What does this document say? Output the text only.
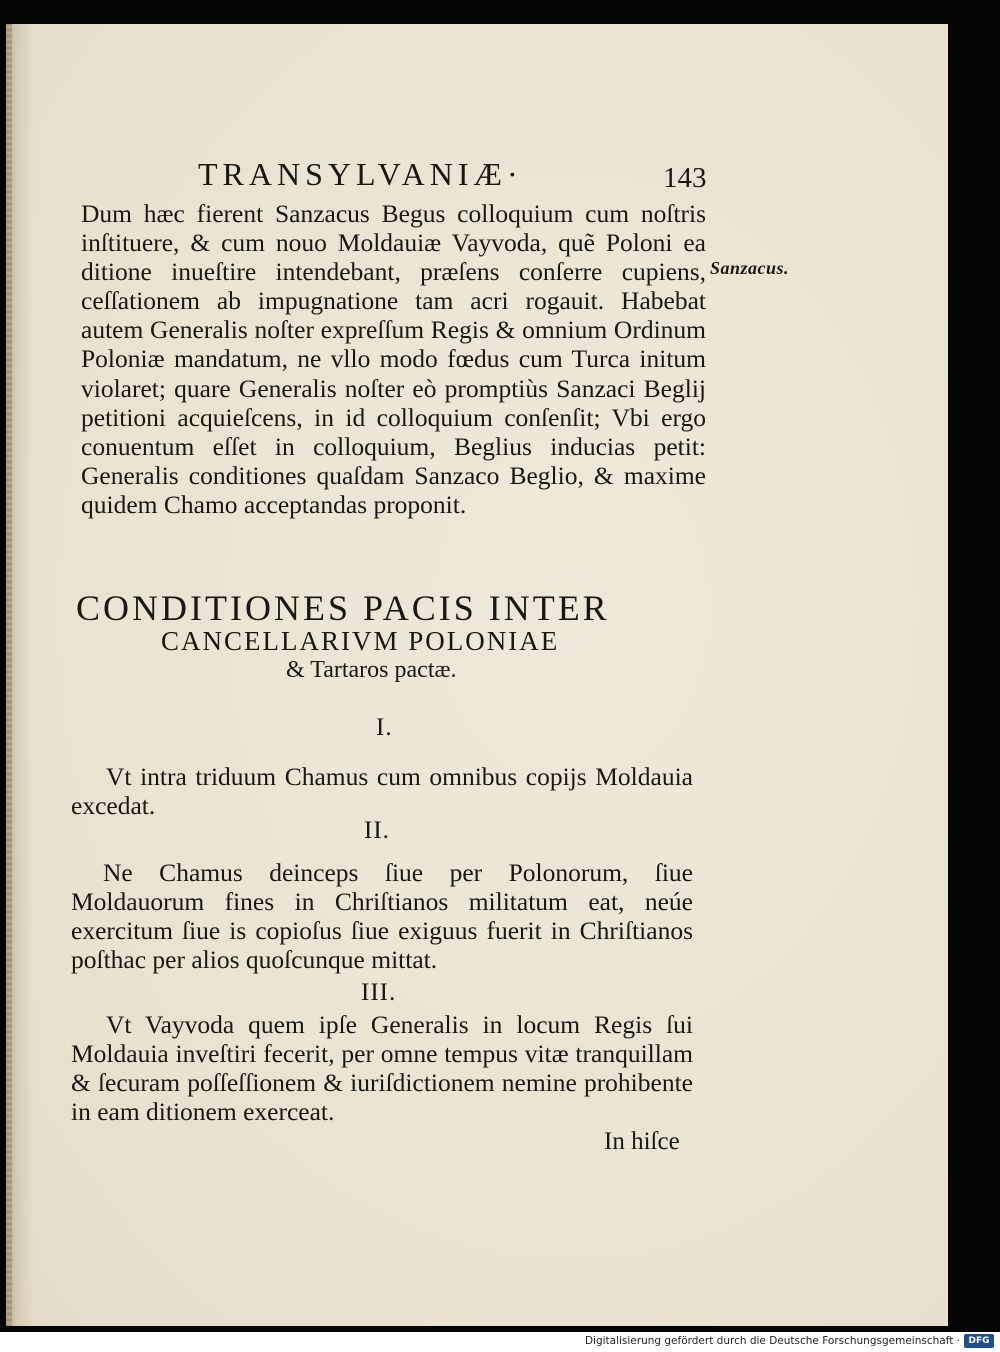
TRANSYLVANIÆ·	143

Dum hæc fierent Sanzacus Begus colloquium cum noſtris inſtituere, & cum nouo Moldauiæ Vayvoda, quẽ Poloni ea ditione inueſtire intendebant, præſens conſerre cupiens, ceſſationem ab impugnatione tam acri rogauit. Habebat autem Generalis noſter expreſſum Regis & omnium Ordinum Poloniæ mandatum, ne vllo modo fœdus cum Turca initum violaret; quare Generalis noſter eò promptiùs Sanzaci Beglij petitioni acquieſcens, in id colloquium conſenſit; Vbi ergo conuentum eſſet in colloquium, Beglius inducias petit: Generalis conditiones quaſdam Sanzaco Beglio, & maxime quidem Chamo acceptandas proponit.

Sanzacus.
CONDITIONES PACIS INTER
CANCELLARIVM POLONIAE
& Tartaros pactæ.
I.

Vt intra triduum Chamus cum omnibus copijs Moldauia excedat.

II.

Ne Chamus deinceps ſiue per Polonorum, ſiue Moldauorum fines in Chriſtianos militatum eat, neúe exercitum ſiue is copioſus ſiue exiguus fuerit in Chriſtianos poſthac per alios quoſcunque mittat.

III.

Vt Vayvoda quem ipſe Generalis in locum Regis ſui Moldauia inveſtiri fecerit, per omne tempus vitæ tranquillam & ſecuram poſſeſſionem & iuriſdictionem nemine prohibente in eam ditionem exerceat.

In hiſce
Digitalisierung gefördert durch die Deutsche Forschungsgemeinschaft · DFG
